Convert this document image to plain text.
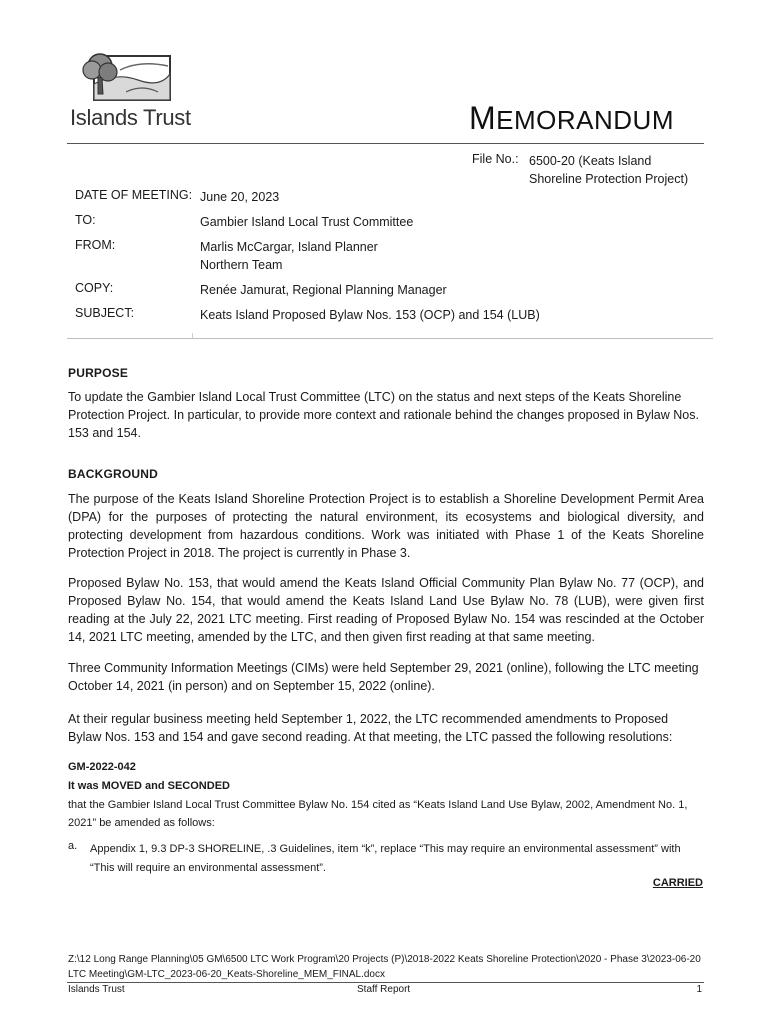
Islands Trust	MEMORANDUM
File No.: 6500-20 (Keats Island
Shoreline Protection Project)
DATE OF MEETING: June 20, 2023
TO:	Gambier Island Local Trust Committee
FROM:	Marlis McCargar, Island Planner
Northern Team
COPY:	Renée Jamurat, Regional Planning Manager
SUBJECT:	Keats Island Proposed Bylaw Nos. 153 (OCP) and 154 (LUB)
PURPOSE
To update the Gambier Island Local Trust Committee (LTC) on the status and next steps of the Keats Shoreline Protection Project. In particular, to provide more context and rationale behind the changes proposed in Bylaw Nos. 153 and 154.
BACKGROUND
The purpose of the Keats Island Shoreline Protection Project is to establish a Shoreline Development Permit Area (DPA) for the purposes of protecting the natural environment, its ecosystems and biological diversity, and protecting development from hazardous conditions. Work was initiated with Phase 1 of the Keats Shoreline Protection Project in 2018. The project is currently in Phase 3.
Proposed Bylaw No. 153, that would amend the Keats Island Official Community Plan Bylaw No. 77 (OCP), and Proposed Bylaw No. 154, that would amend the Keats Island Land Use Bylaw No. 78 (LUB), were given first reading at the July 22, 2021 LTC meeting. First reading of Proposed Bylaw No. 154 was rescinded at the October 14, 2021 LTC meeting, amended by the LTC, and then given first reading at that same meeting.
Three Community Information Meetings (CIMs) were held September 29, 2021 (online), following the LTC meeting October 14, 2021 (in person) and on September 15, 2022 (online).
At their regular business meeting held September 1, 2022, the LTC recommended amendments to Proposed Bylaw Nos. 153 and 154 and gave second reading. At that meeting, the LTC passed the following resolutions:
GM-2022-042
It was MOVED and SECONDED
that the Gambier Island Local Trust Committee Bylaw No. 154 cited as “Keats Island Land Use Bylaw, 2002, Amendment No. 1, 2021” be amended as follows:
a. Appendix 1, 9.3 DP-3 SHORELINE, .3 Guidelines, item “k”, replace “This may require an environmental assessment” with “This will require an environmental assessment”.
CARRIED
Z:\12 Long Range Planning\05 GM\6500 LTC Work Program\20 Projects (P)\2018-2022 Keats Shoreline Protection\2020 - Phase 3\2023-06-20 LTC Meeting\GM-LTC_2023-06-20_Keats-Shoreline_MEM_FINAL.docx
Islands Trust	Staff Report	1
